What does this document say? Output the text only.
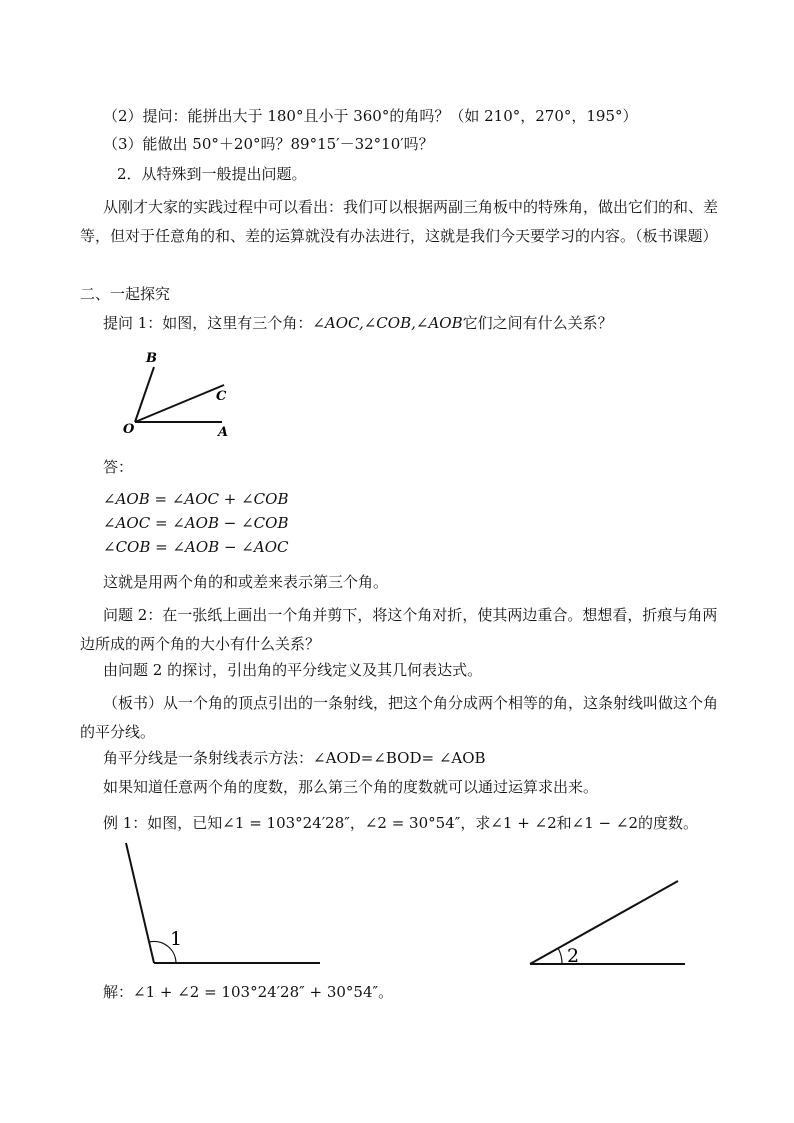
（2）提问：能拼出大于 180°且小于 360°的角吗？（如 210°，270°，195°）
（3）能做出 50°＋20°吗？89°15′－32°10′吗？
2．从特殊到一般提出问题。
从刚才大家的实践过程中可以看出：我们可以根据两副三角板中的特殊角，做出它们的和、差等，但对于任意角的和、差的运算就没有办法进行，这就是我们今天要学习的内容。（板书课题）
二、一起探究
提问 1：如图，这里有三个角：∠AOC,∠COB,∠AOB它们之间有什么关系？
B
C
O	A
答：
∠AOB = ∠AOC + ∠COB
∠AOC = ∠AOB − ∠COB
∠COB = ∠AOB − ∠AOC
这就是用两个角的和或差来表示第三个角。
问题 2：在一张纸上画出一个角并剪下，将这个角对折，使其两边重合。想想看，折痕与角两边所成的两个角的大小有什么关系？
由问题 2 的探讨，引出角的平分线定义及其几何表达式。
（板书）从一个角的顶点引出的一条射线，把这个角分成两个相等的角，这条射线叫做这个角的平分线。
角平分线是一条射线表示方法：∠AOD=∠BOD= ∠AOB
如果知道任意两个角的度数，那么第三个角的度数就可以通过运算求出来。
例 1：如图，已知∠1 = 103°24′28″，∠2 = 30°54″，求∠1 + ∠2和∠1 − ∠2的度数。
1
2
解：∠1 + ∠2 = 103°24′28″ + 30°54″。
